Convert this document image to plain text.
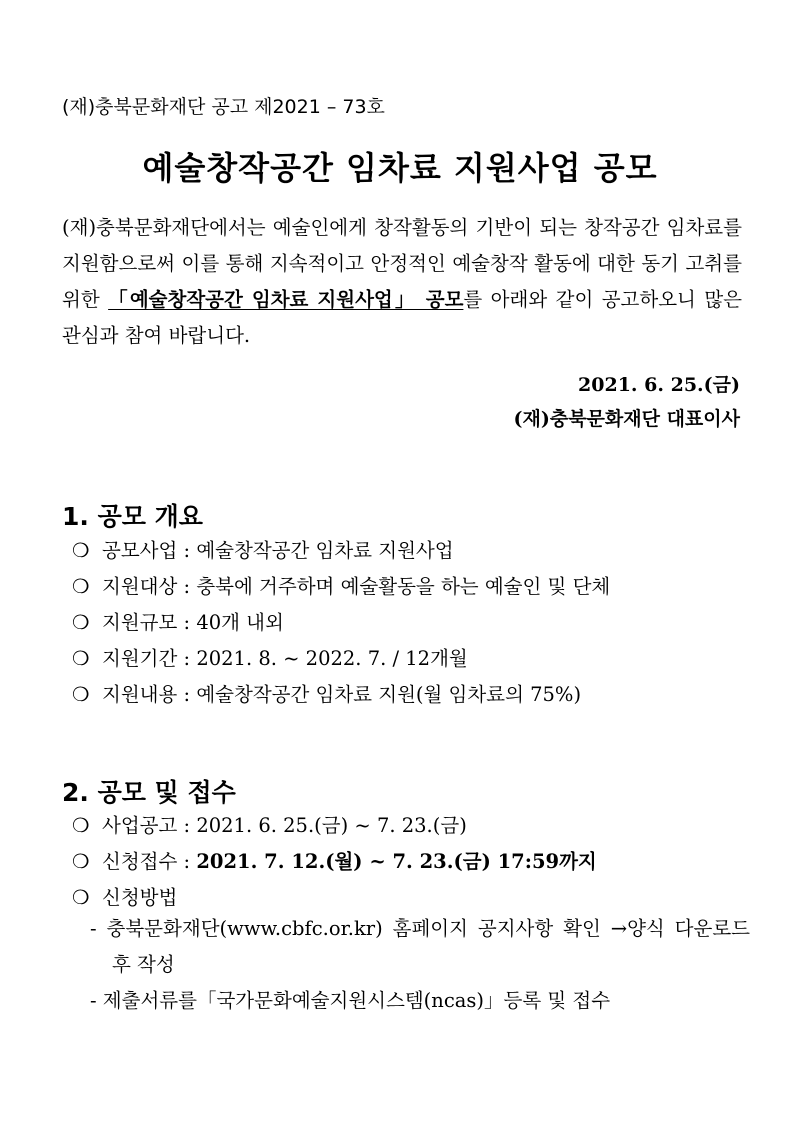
(재)충북문화재단 공고 제2021 – 73호
예술창작공간 임차료 지원사업 공모

(재)충북문화재단에서는 예술인에게 창작활동의 기반이 되는 창작공간 임차료를 지원함으로써 이를 통해 지속적이고 안정적인 예술창작 활동에 대한 동기 고취를 위한 「예술창작공간 임차료 지원사업」 공모를 아래와 같이 공고하오니 많은 관심과 참여 바랍니다.

2021. 6. 25.(금)
(재)충북문화재단 대표이사
1. 공모 개요
❍ 공모사업 : 예술창작공간 임차료 지원사업
❍ 지원대상 : 충북에 거주하며 예술활동을 하는 예술인 및 단체
❍ 지원규모 : 40개 내외
❍ 지원기간 : 2021. 8. ~ 2022. 7. / 12개월
❍ 지원내용 : 예술창작공간 임차료 지원(월 임차료의 75%)
2. 공모 및 접수
❍ 사업공고 : 2021. 6. 25.(금) ~ 7. 23.(금)
❍ 신청접수 : 2021. 7. 12.(월) ~ 7. 23.(금) 17:59까지
❍ 신청방법
- 충북문화재단(www.cbfc.or.kr) 홈페이지 공지사항 확인 →양식 다운로드 후 작성
- 제출서류를「국가문화예술지원시스템(ncas)」등록 및 접수
